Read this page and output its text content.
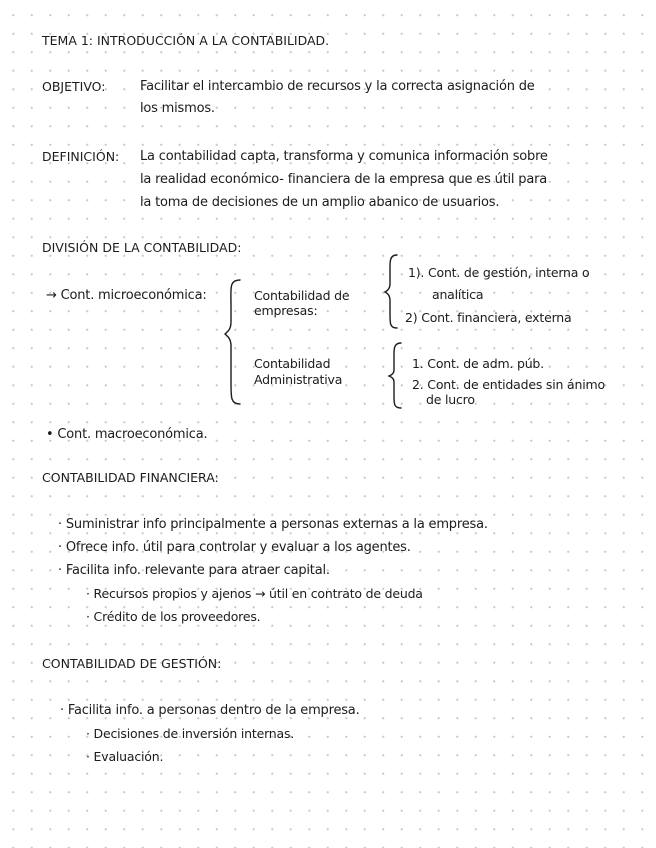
TEMA 1: INTRODUCCIÓN A LA CONTABILIDAD.
OBJETIVO:	Facilitar el intercambio de recursos y la correcta asignación de
los mismos.
DEFINICIÓN: La contabilidad capta, transforma y comunica información sobre
la realidad económico- financiera de la empresa que es útil para
la toma de decisiones de un amplio abanico de usuarios.
DIVISIÓN DE LA CONTABILIDAD:
→ Cont. microeconómica:	Contabilidad de
empresas:
1). Cont. de gestión, interna o
analítica
2) Cont. financiera, externa
Contabilidad
Administrativa
1. Cont. de adm. púb.
2. Cont. de entidades sin ánimo
de lucro
• Cont. macroeconómica.
CONTABILIDAD FINANCIERA:
· Suministrar info principalmente a personas externas a la empresa.
· Ofrece info. útil para controlar y evaluar a los agentes.
· Facilita info. relevante para atraer capital.
· Recursos propios y ajenos → útil en contrato de deuda
· Crédito de los proveedores.
CONTABILIDAD DE GESTIÓN:
· Facilita info. a personas dentro de la empresa.
· Decisiones de inversión internas.
· Evaluación.
